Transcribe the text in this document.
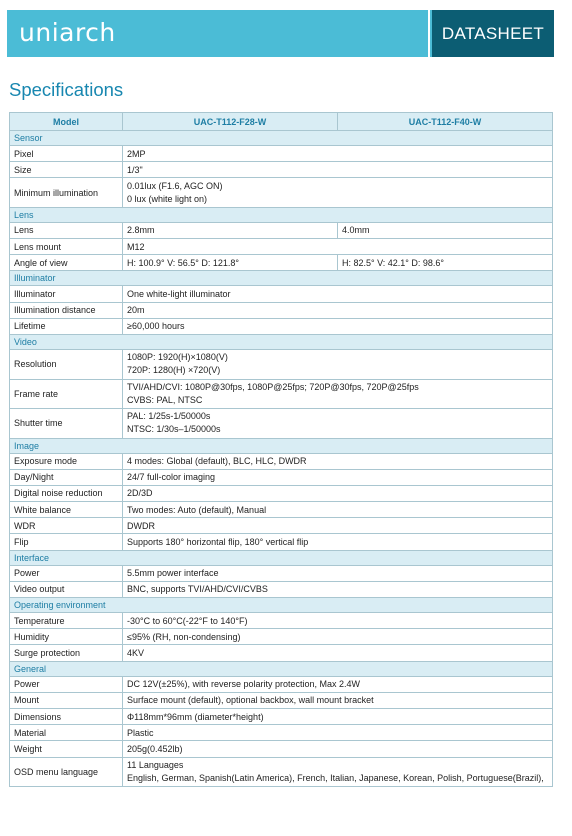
uniarch	DATASHEET
Specifications
Model	UAC-T112-F28-W	UAC-T112-F40-W
Sensor		
Pixel	2MP	
Size	1/3"	
Minimum illumination	0.01lux (F1.6, AGC ON)
0 lux (white light on)	

Lens		
Lens	2.8mm	4.0mm
Lens mount	M12	
Angle of view	H: 100.9° V: 56.5° D: 121.8°	H: 82.5° V: 42.1° D: 98.6°
Illuminator		
Illuminator	One white-light illuminator	
Illumination distance	20m	
Lifetime	≥60,000 hours	
Video		
Resolution	1080P: 1920(H)×1080(V)
720P: 1280(H) ×720(V)	

Frame rate	TVI/AHD/CVI: 1080P@30fps, 1080P@25fps; 720P@30fps, 720P@25fps
CVBS: PAL, NTSC	

Shutter time	PAL: 1/25s-1/50000s
NTSC: 1/30s–1/50000s	

Image		
Exposure mode	4 modes: Global (default), BLC, HLC, DWDR	
Day/Night	24/7 full-color imaging	
Digital noise reduction	2D/3D	
White balance	Two modes: Auto (default), Manual	
WDR	DWDR	
Flip	Supports 180° horizontal flip, 180° vertical flip	
Interface		
Power	5.5mm power interface	
Video output	BNC, supports TVI/AHD/CVI/CVBS	
Operating environment		
Temperature	-30°C to 60°C(-22°F to 140°F)	
Humidity	≤95% (RH, non-condensing)	
Surge protection	4KV	
General		
Power	DC 12V(±25%), with reverse polarity protection, Max 2.4W	
Mount	Surface mount (default), optional backbox, wall mount bracket	
Dimensions	Φ118mm*96mm (diameter*height)	
Material	Plastic	
Weight	205g(0.452lb)	
OSD menu language	11 Languages
English, German, Spanish(Latin America), French, Italian, Japanese, Korean, Polish, Portuguese(Brazil),	
